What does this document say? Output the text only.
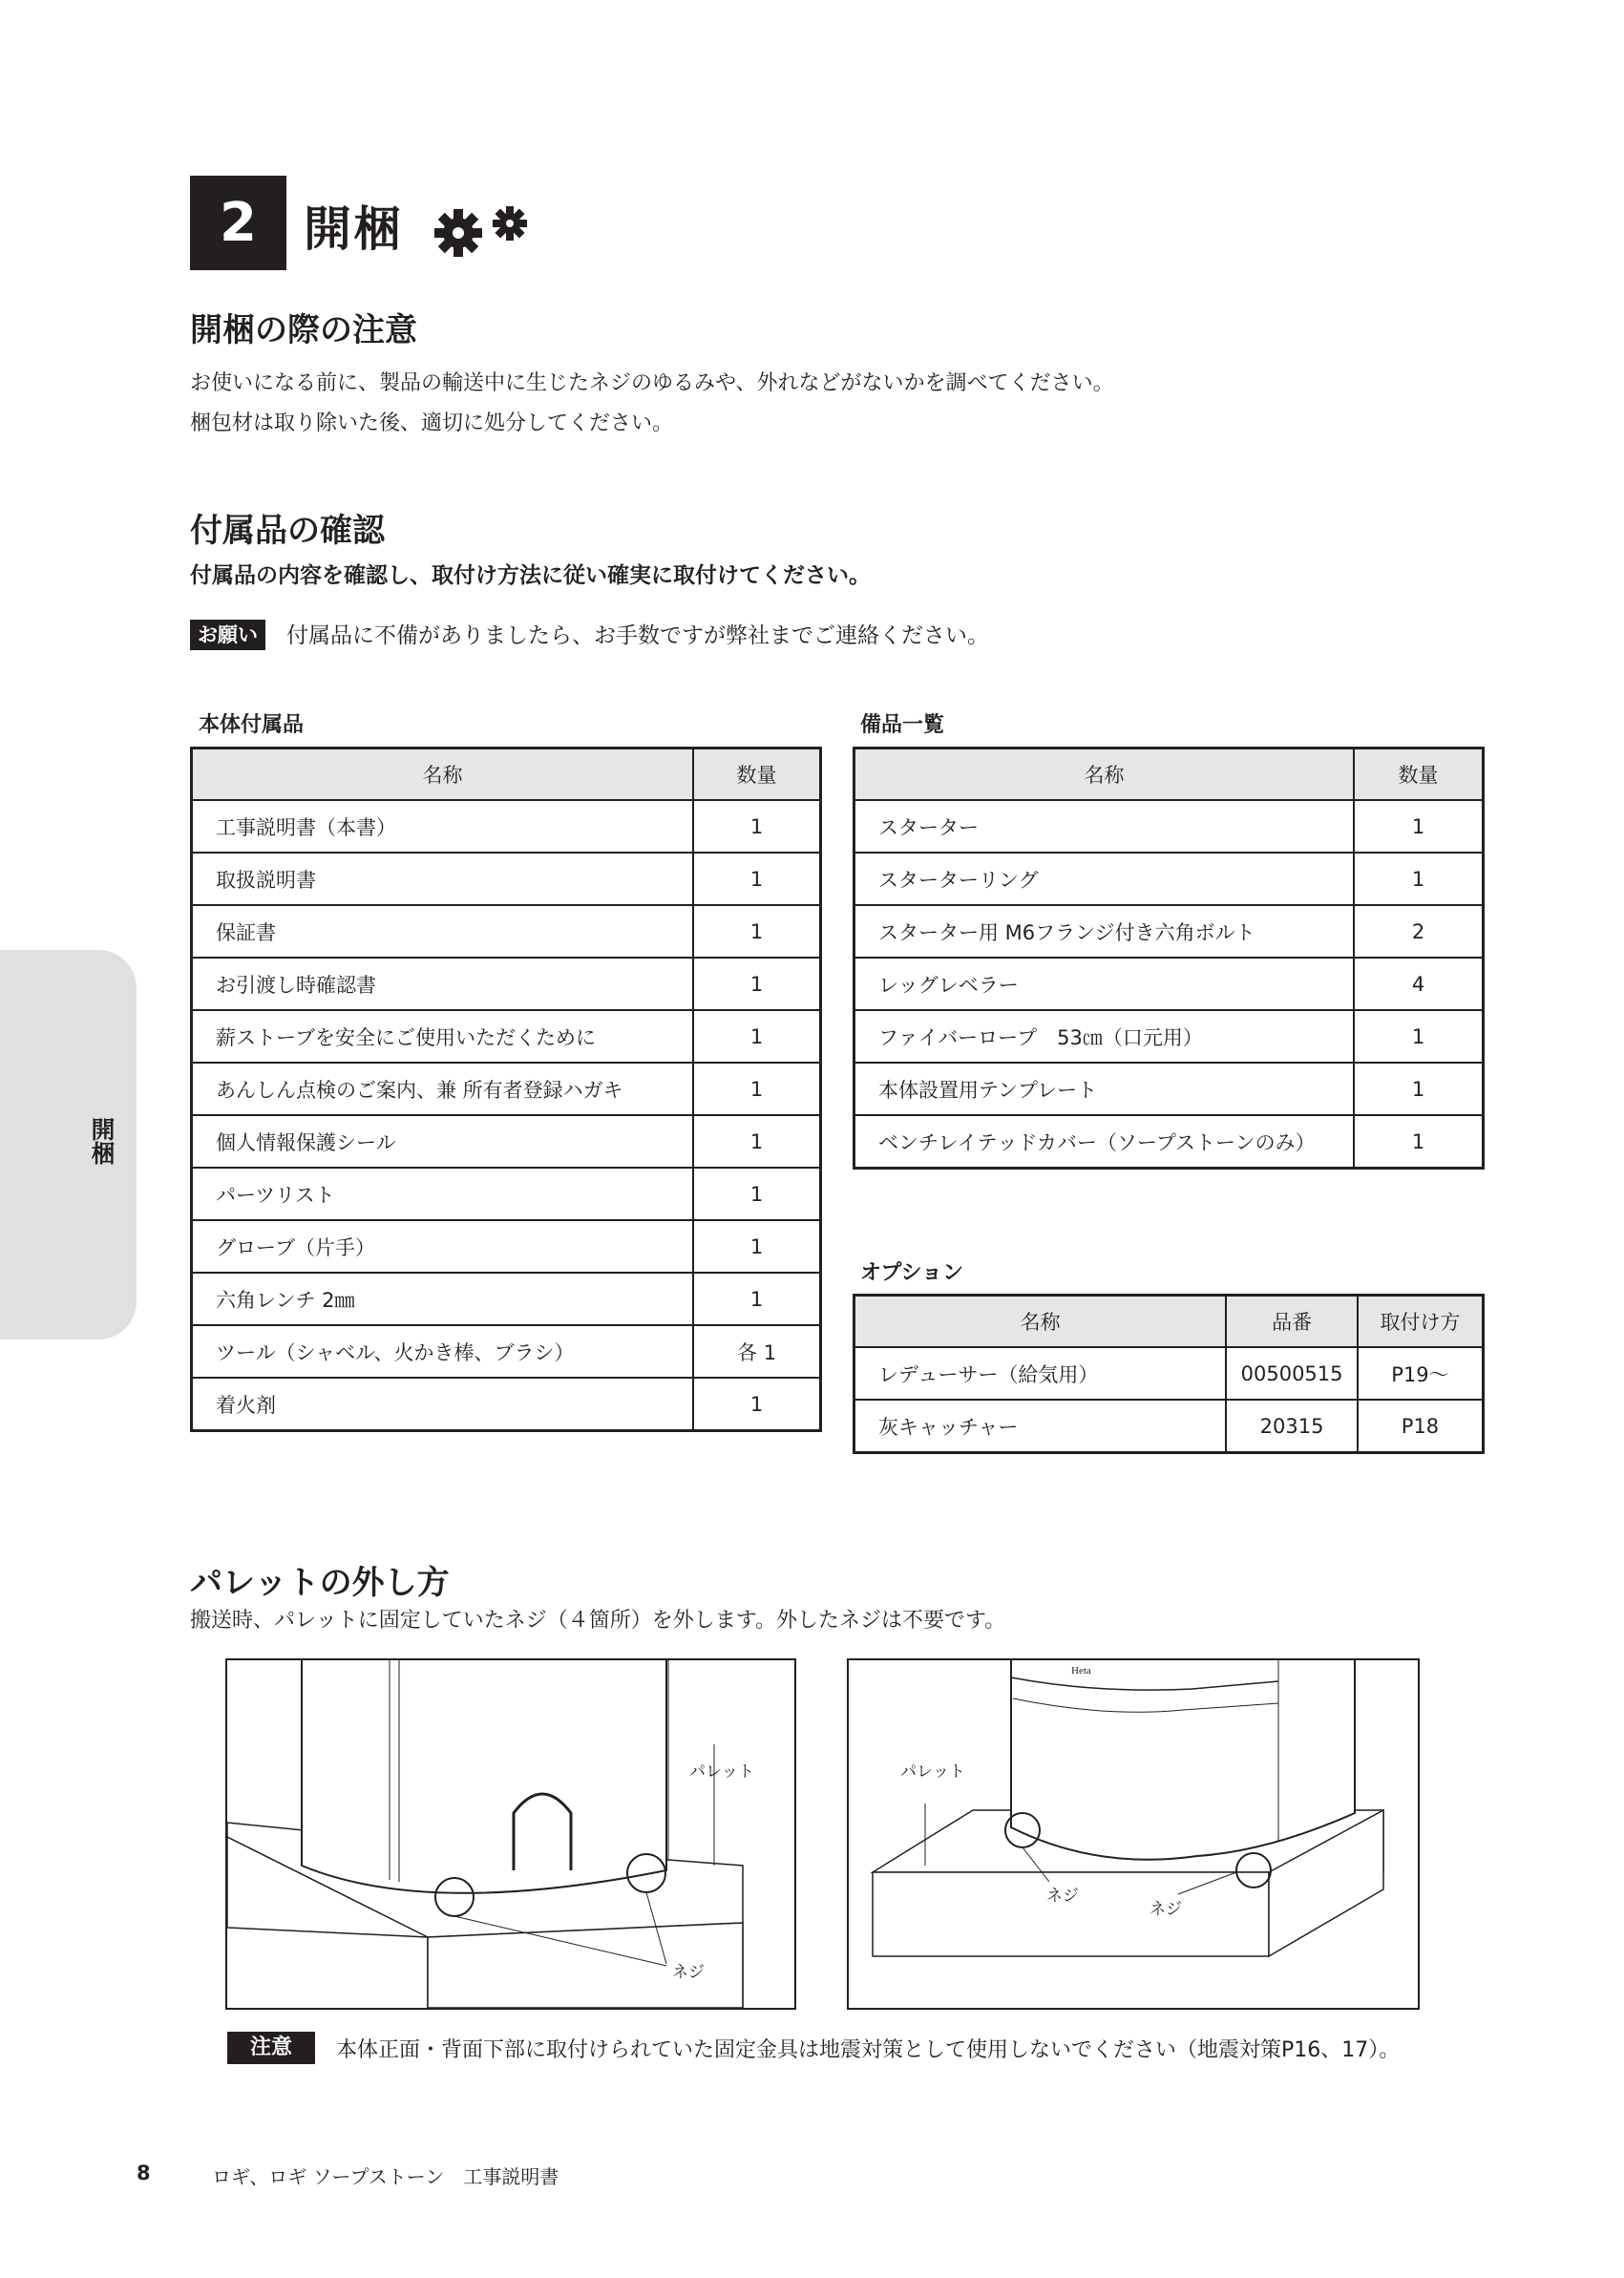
2 開梱
開梱の際の注意
お使いになる前に、製品の輸送中に生じたネジのゆるみや、外れなどがないかを調べてください。
梱包材は取り除いた後、適切に処分してください。
付属品の確認
付属品の内容を確認し、取付け方法に従い確実に取付けてください。
お願い	付属品に不備がありましたら、お手数ですが弊社までご連絡ください。
開梱
本体付属品
名称	数量
工事説明書（本書）	1
取扱説明書	1
保証書	1
お引渡し時確認書	1
薪ストーブを安全にご使用いただくために	1
あんしん点検のご案内、兼 所有者登録ハガキ	1
個人情報保護シール	1
パーツリスト	1
グローブ（片手）	1
六角レンチ 2㎜	1
ツール（シャベル、火かき棒、ブラシ）	各 1
着火剤	1
備品一覧
名称	数量
スターター	1
スターターリング	1
スターター用 M6フランジ付き六角ボルト	2
レッグレベラー	4
ファイバーロープ　53㎝（口元用）	1
本体設置用テンプレート	1
ベンチレイテッドカバー（ソープストーンのみ）	1
オプション
名称	品番	取付け方
レデューサー（給気用）	00500515	P19〜
灰キャッチャー	20315	P18
パレットの外し方
搬送時、パレットに固定していたネジ（４箇所）を外します。外したネジは不要です。
パレット
ネジ
Heta
パレット
ネジ
ネジ
注意	本体正面・背面下部に取付けられていた固定金具は地震対策として使用しないでください（地震対策P16、17）。
8	ロギ、ロギ ソープストーン　工事説明書
